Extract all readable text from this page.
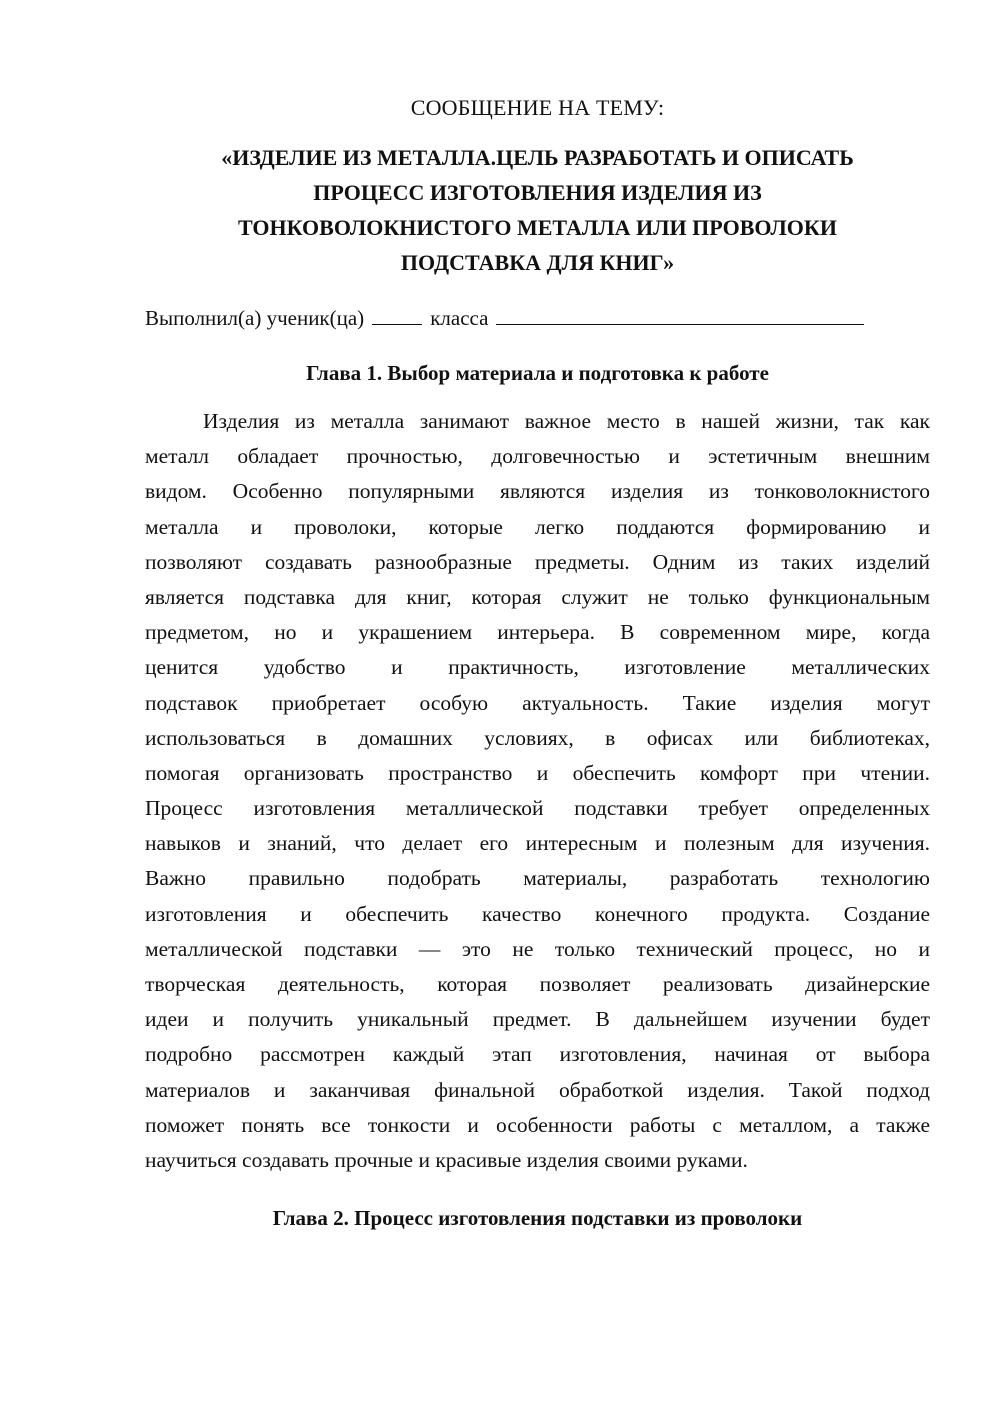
СООБЩЕНИЕ НА ТЕМУ:
«ИЗДЕЛИЕ ИЗ МЕТАЛЛА.ЦЕЛЬ РАЗРАБОТАТЬ И ОПИСАТЬ
ПРОЦЕСС ИЗГОТОВЛЕНИЯ ИЗДЕЛИЯ ИЗ
ТОНКОВОЛОКНИСТОГО МЕТАЛЛА ИЛИ ПРОВОЛОКИ
ПОДСТАВКА ДЛЯ КНИГ»
Выполнил(а) ученик(ца)	класса
Глава 1. Выбор материала и подготовка к работе
Изделия из металла занимают важное место в нашей жизни, так как
металл обладает прочностью, долговечностью и эстетичным внешним
видом. Особенно популярными являются изделия из тонковолокнистого
металла и проволоки, которые легко поддаются формированию и
позволяют создавать разнообразные предметы. Одним из таких изделий
является подставка для книг, которая служит не только функциональным
предметом, но и украшением интерьера. В современном мире, когда
ценится удобство и практичность, изготовление металлических
подставок приобретает особую актуальность. Такие изделия могут
использоваться в домашних условиях, в офисах или библиотеках,
помогая организовать пространство и обеспечить комфорт при чтении.
Процесс изготовления металлической подставки требует определенных
навыков и знаний, что делает его интересным и полезным для изучения.
Важно правильно подобрать материалы, разработать технологию
изготовления и обеспечить качество конечного продукта. Создание
металлической подставки — это не только технический процесс, но и
творческая деятельность, которая позволяет реализовать дизайнерские
идеи и получить уникальный предмет. В дальнейшем изучении будет
подробно рассмотрен каждый этап изготовления, начиная от выбора
материалов и заканчивая финальной обработкой изделия. Такой подход
поможет понять все тонкости и особенности работы с металлом, а также
научиться создавать прочные и красивые изделия своими руками.
Глава 2. Процесс изготовления подставки из проволоки
